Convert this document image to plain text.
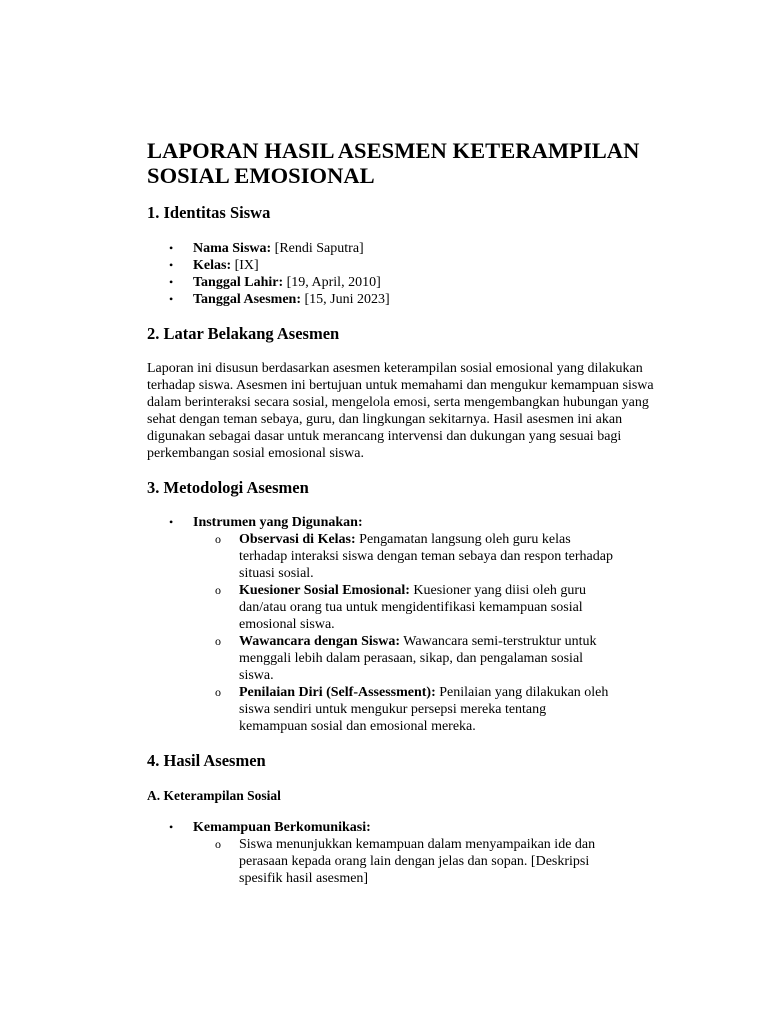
LAPORAN HASIL ASESMEN KETERAMPILAN SOSIAL EMOSIONAL
1. Identitas Siswa
• Nama Siswa: [Rendi Saputra]
• Kelas: [IX]
• Tanggal Lahir: [19, April, 2010]
• Tanggal Asesmen: [15, Juni 2023]
2. Latar Belakang Asesmen

Laporan ini disusun berdasarkan asesmen keterampilan sosial emosional yang dilakukan terhadap siswa. Asesmen ini bertujuan untuk memahami dan mengukur kemampuan siswa dalam berinteraksi secara sosial, mengelola emosi, serta mengembangkan hubungan yang sehat dengan teman sebaya, guru, dan lingkungan sekitarnya. Hasil asesmen ini akan digunakan sebagai dasar untuk merancang intervensi dan dukungan yang sesuai bagi perkembangan sosial emosional siswa.

3. Metodologi Asesmen
• Instrumen yang Digunakan:
o Observasi di Kelas: Pengamatan langsung oleh guru kelas terhadap interaksi siswa dengan teman sebaya dan respon terhadap situasi sosial.
o Kuesioner Sosial Emosional: Kuesioner yang diisi oleh guru dan/atau orang tua untuk mengidentifikasi kemampuan sosial emosional siswa.
o Wawancara dengan Siswa: Wawancara semi-terstruktur untuk menggali lebih dalam perasaan, sikap, dan pengalaman sosial siswa.
o Penilaian Diri (Self-Assessment): Penilaian yang dilakukan oleh siswa sendiri untuk mengukur persepsi mereka tentang kemampuan sosial dan emosional mereka.
4. Hasil Asesmen
A. Keterampilan Sosial
• Kemampuan Berkomunikasi:
o Siswa menunjukkan kemampuan dalam menyampaikan ide dan perasaan kepada orang lain dengan jelas dan sopan. [Deskripsi spesifik hasil asesmen]
